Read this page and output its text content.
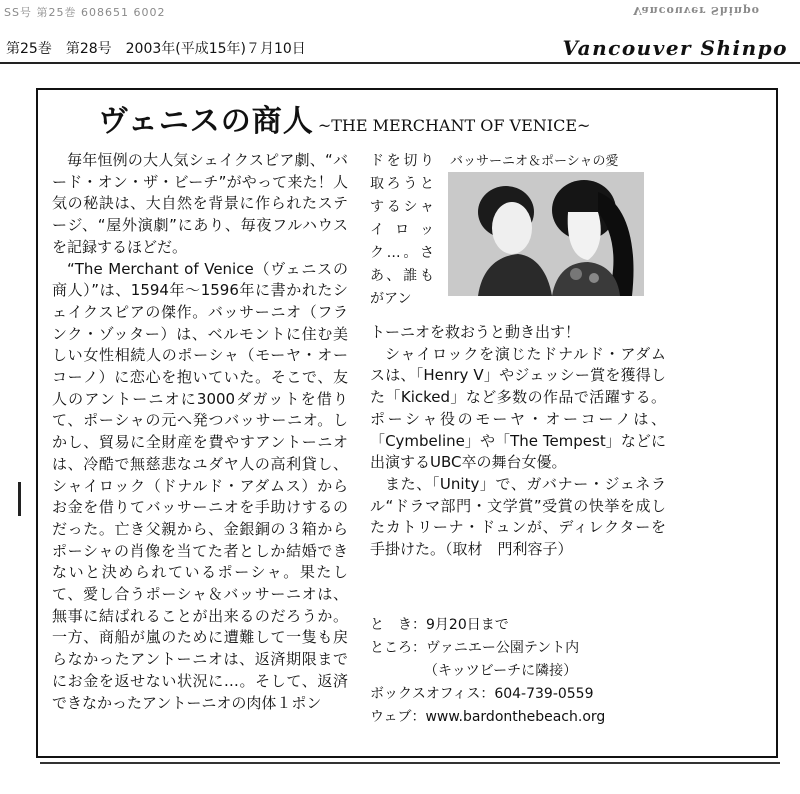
SS号 第25巻 608651 6002	Vancouver Shinpo
第25巻　第28号　2003年(平成15年)７月10日	Vancouver Shinpo
ヴェニスの商人 ~THE MERCHANT OF VENICE~

毎年恒例の大人気シェイクスピア劇、“バード・オン・ザ・ビーチ”がやって来た！人気の秘訣は、大自然を背景に作られたステージ、“屋外演劇”にあり、毎夜フルハウスを記録するほどだ。

“The Merchant of Venice（ヴェニスの商人）”は、1594年〜1596年に書かれたシェイクスピアの傑作。バッサーニオ（フランク・ゾッター）は、ベルモントに住む美しい女性相続人のポーシャ（モーヤ・オーコーノ）に恋心を抱いていた。そこで、友人のアントーニオに3000ダガットを借りて、ポーシャの元へ発つバッサーニオ。しかし、貿易に全財産を費やすアントーニオは、冷酷で無慈悲なユダヤ人の高利貸し、シャイロック（ドナルド・アダムス）からお金を借りてバッサーニオを手助けするのだった。亡き父親から、金銀銅の３箱からポーシャの肖像を当てた者としか結婚できないと決められているポーシャ。果たして、愛し合うポーシャ＆バッサーニオは、無事に結ばれることが出来るのだろうか。一方、商船が嵐のために遭難して一隻も戻らなかったアントーニオは、返済期限までにお金を返せない状況に…。そして、返済できなかったアントーニオの肉体１ポン

ドを切り取ろうとするシャイロック…。さあ、誰もがアン

バッサーニオ＆ポーシャの愛

トーニオを救おうと動き出す！

シャイロックを演じたドナルド・アダムスは、「Henry V」やジェッシー賞を獲得した「Kicked」など多数の作品で活躍する。ポーシャ役のモーヤ・オーコーノは、「Cymbeline」や「The Tempest」などに出演するUBC卒の舞台女優。

また、「Unity」で、ガバナー・ジェネラル“ドラマ部門・文学賞”受賞の快挙を成したカトリーナ・ドュンが、ディレクターを手掛けた。（取材　門利容子）

と　き：9月20日まで
ところ：ヴァニエー公園テント内
（キッツビーチに隣接）
ボックスオフィス：604-739-0559
ウェブ：www.bardonthebeach.org
